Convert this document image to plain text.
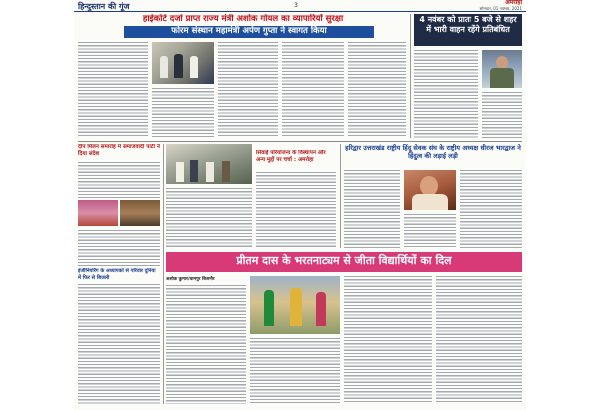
हिन्दुस्तान की गूंज	3	अमरोहा
सोमवार, 01 नवम्बर, 2021
हाईकोर्ट दर्जा प्राप्त राज्य मंत्री अशोक गोयल का व्यापारियों सुरक्षा
फोरम संस्थान महामंत्री अर्पण गुप्ता ने स्वागत किया
4 नवंबर को प्रातः 5 बजे से शहर में भारी वाहन रहेंगे प्रतिबंधित
दीप मिलन समारोह में समाजवादी पार्टी ने दिया संदेश
इंजीनियरिंग के अध्यापकों से परिवार दुनिया में फिर से बिजली
सिवाई परियोजना के विस्थापन और अन्य मुद्दों पर चर्चा : अमरोहा
हरिद्वार उत्तराखंड राष्ट्रीय हिंदू सेवक संघ के राष्ट्रीय अध्यक्ष धीरज भारद्वाज ने हिंदुत्व की लड़ाई लड़ी
प्रीतम दास के भरतनाट्यम से जीता विद्यार्थियों का दिल
अशोक कुमार/धामपुर बिजनौर
